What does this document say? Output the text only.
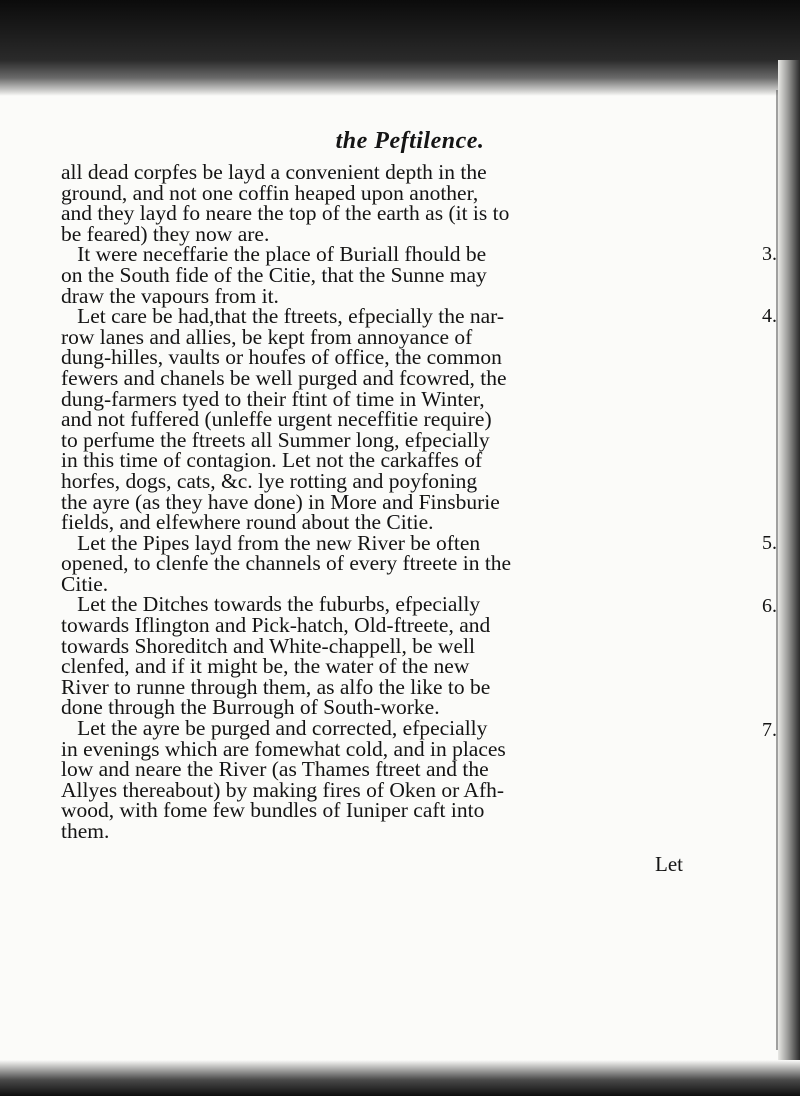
the Peftilence.
all dead corpfes be layd a convenient depth in the
ground, and not one coffin heaped upon another,
and they layd fo neare the top of the earth as (it is to
be feared) they now are.
It were neceffarie the place of Buriall fhould be
on the South fide of the Citie, that the Sunne may
draw the vapours from it.
Let care be had,that the ftreets, efpecially the nar-
row lanes and allies, be kept from annoyance of
dung-hilles, vaults or houfes of office, the common
fewers and chanels be well purged and fcowred, the
dung-farmers tyed to their ftint of time in Winter,
and not fuffered (unleffe urgent neceffitie require)
to perfume the ftreets all Summer long, efpecially
in this time of contagion. Let not the carkaffes of
horfes, dogs, cats, &c. lye rotting and poyfoning
the ayre (as they have done) in More and Finsburie
fields, and elfewhere round about the Citie.
Let the Pipes layd from the new River be often
opened, to clenfe the channels of every ftreete in the
Citie.
Let the Ditches towards the fuburbs, efpecially
towards Iflington and Pick-hatch, Old-ftreete, and
towards Shoreditch and White-chappell, be well
clenfed, and if it might be, the water of the new
River to runne through them, as alfo the like to be
done through the Burrough of South-worke.
Let the ayre be purged and corrected, efpecially
in evenings which are fomewhat cold, and in places
low and neare the River (as Thames ftreet and the
Allyes thereabout) by making fires of Oken or Afh-
wood, with fome few bundles of Iuniper caft into
them.
3.
4.
5.
6.
7.
Let
